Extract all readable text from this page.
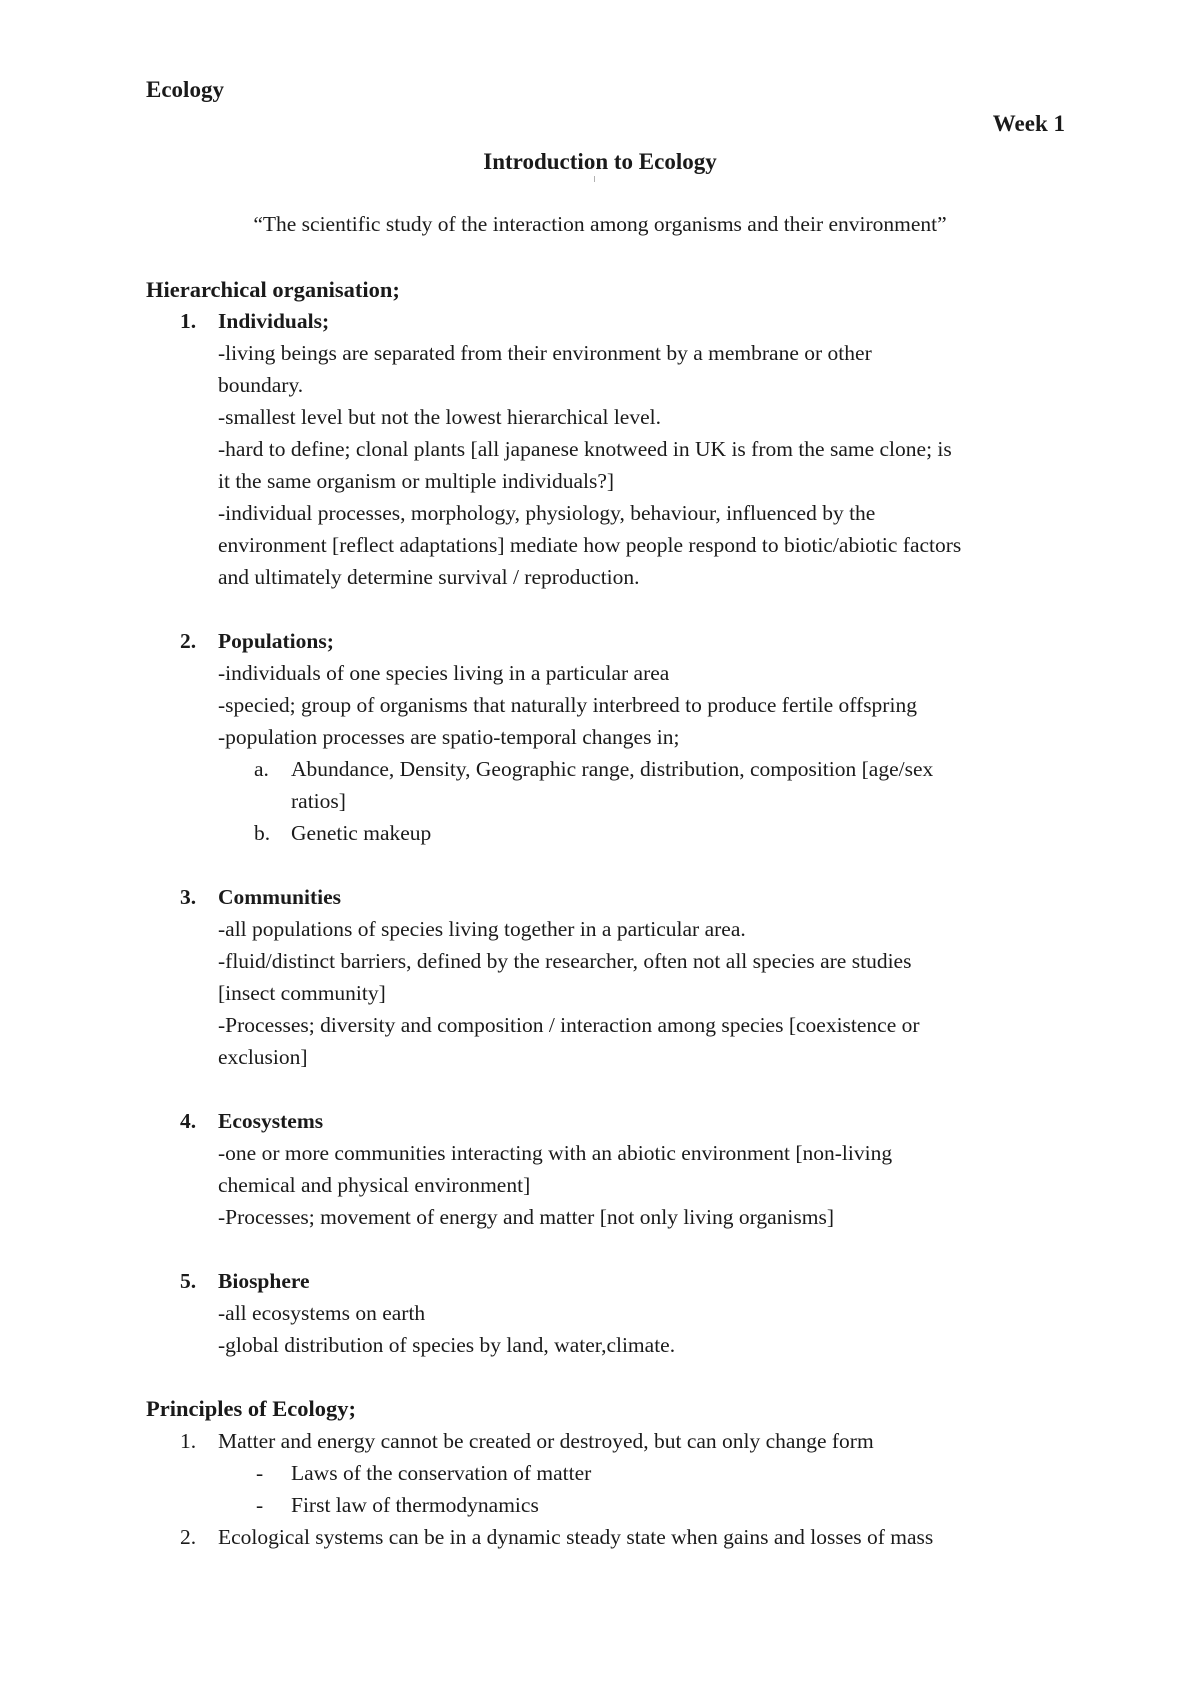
Ecology
Week 1
Introduction to Ecology
“The scientific study of the interaction among organisms and their environment”
Hierarchical organisation;
1. Individuals;
-living beings are separated from their environment by a membrane or other
boundary.
-smallest level but not the lowest hierarchical level.
-hard to define; clonal plants [all japanese knotweed in UK is from the same clone; is
it the same organism or multiple individuals?]
-individual processes, morphology, physiology, behaviour, influenced by the
environment [reflect adaptations] mediate how people respond to biotic/abiotic factors
and ultimately determine survival / reproduction.
2. Populations;
-individuals of one species living in a particular area
-specied; group of organisms that naturally interbreed to produce fertile offspring
-population processes are spatio-temporal changes in;
a. Abundance, Density, Geographic range, distribution, composition [age/sex
ratios]
b. Genetic makeup
3. Communities
-all populations of species living together in a particular area.
-fluid/distinct barriers, defined by the researcher, often not all species are studies
[insect community]
-Processes; diversity and composition / interaction among species [coexistence or
exclusion]
4. Ecosystems
-one or more communities interacting with an abiotic environment [non-living
chemical and physical environment]
-Processes; movement of energy and matter [not only living organisms]
5. Biosphere
-all ecosystems on earth
-global distribution of species by land, water,climate.
Principles of Ecology;
1. Matter and energy cannot be created or destroyed, but can only change form
- Laws of the conservation of matter
- First law of thermodynamics
2. Ecological systems can be in a dynamic steady state when gains and losses of mass
